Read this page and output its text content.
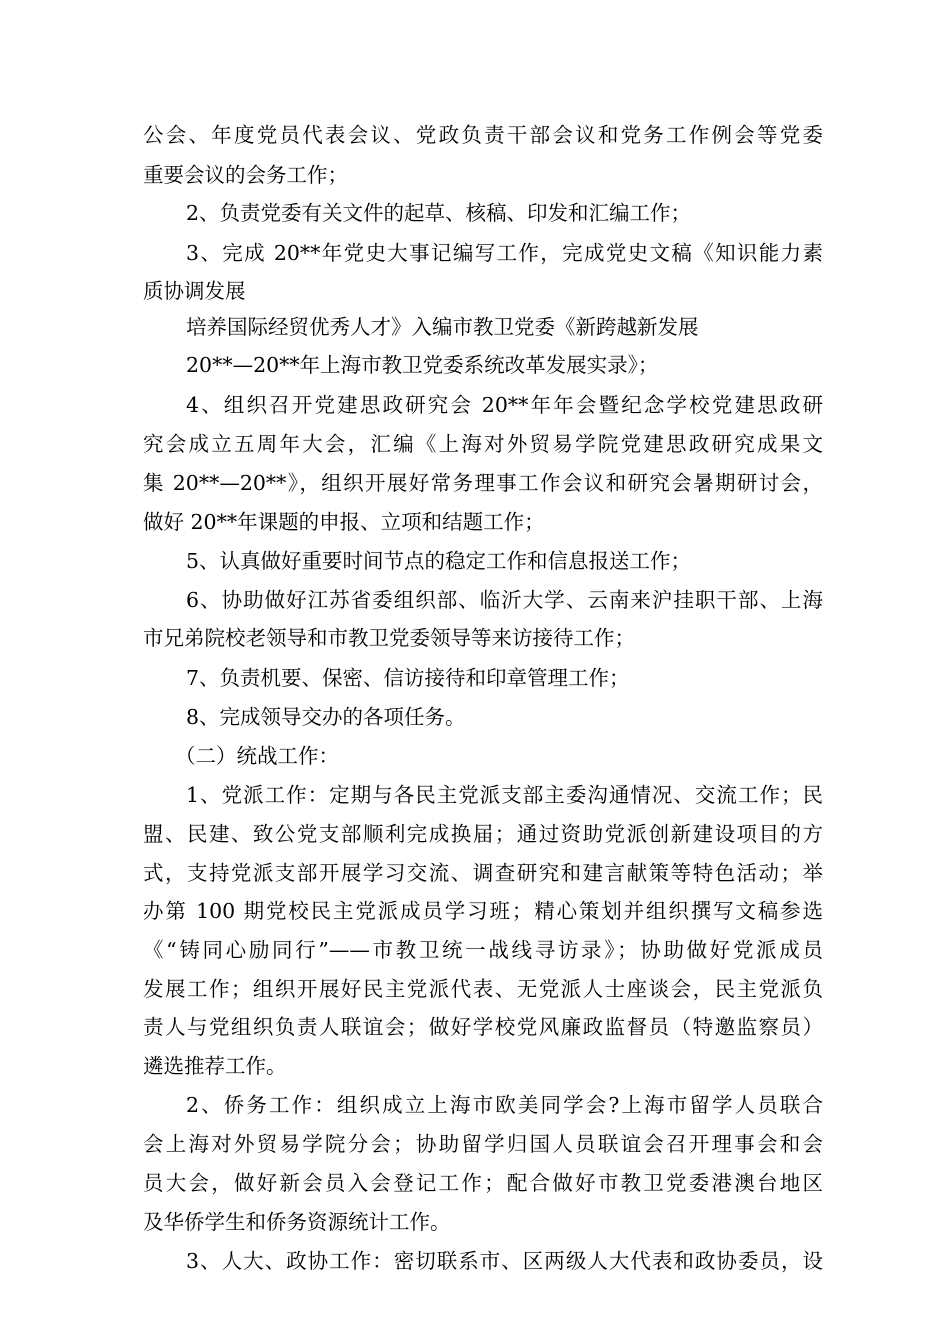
公会、年度党员代表会议、党政负责干部会议和党务工作例会等党委
重要会议的会务工作；
2、负责党委有关文件的起草、核稿、印发和汇编工作；
3、完成 20**年党史大事记编写工作，完成党史文稿《知识能力素
质协调发展
培养国际经贸优秀人才》入编市教卫党委《新跨越新发展
20**—20**年上海市教卫党委系统改革发展实录》；
4、组织召开党建思政研究会 20**年年会暨纪念学校党建思政研
究会成立五周年大会，汇编《上海对外贸易学院党建思政研究成果文
集 20**—20**》，组织开展好常务理事工作会议和研究会暑期研讨会，
做好 20**年课题的申报、立项和结题工作；
5、认真做好重要时间节点的稳定工作和信息报送工作；
6、协助做好江苏省委组织部、临沂大学、云南来沪挂职干部、上海
市兄弟院校老领导和市教卫党委领导等来访接待工作；
7、负责机要、保密、信访接待和印章管理工作；
8、完成领导交办的各项任务。
（二）统战工作：
1、党派工作：定期与各民主党派支部主委沟通情况、交流工作；民
盟、民建、致公党支部顺利完成换届；通过资助党派创新建设项目的方
式，支持党派支部开展学习交流、调查研究和建言献策等特色活动；举
办第 100 期党校民主党派成员学习班；精心策划并组织撰写文稿参选
《“铸同心励同行”——市教卫统一战线寻访录》；协助做好党派成员
发展工作；组织开展好民主党派代表、无党派人士座谈会，民主党派负
责人与党组织负责人联谊会；做好学校党风廉政监督员（特邀监察员）
遴选推荐工作。
2、侨务工作：组织成立上海市欧美同学会?上海市留学人员联合
会上海对外贸易学院分会；协助留学归国人员联谊会召开理事会和会
员大会，做好新会员入会登记工作；配合做好市教卫党委港澳台地区
及华侨学生和侨务资源统计工作。
3、人大、政协工作：密切联系市、区两级人大代表和政协委员，设
